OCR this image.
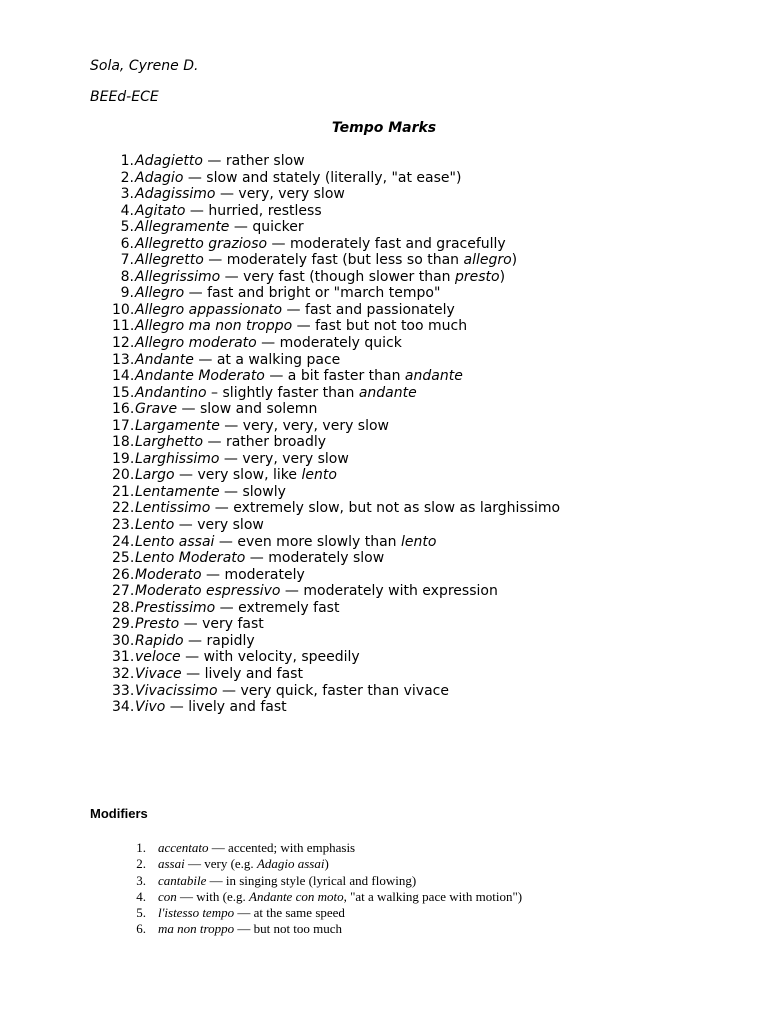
Sola, Cyrene D.
BEEd-ECE
Tempo Marks
1. Adagietto — rather slow
2. Adagio — slow and stately (literally, "at ease")
3. Adagissimo — very, very slow
4. Agitato — hurried, restless
5. Allegramente — quicker
6. Allegretto grazioso — moderately fast and gracefully
7. Allegretto — moderately fast (but less so than allegro)
8. Allegrissimo — very fast (though slower than presto)
9. Allegro — fast and bright or "march tempo"
10. Allegro appassionato — fast and passionately
11. Allegro ma non troppo — fast but not too much
12. Allegro moderato — moderately quick
13. Andante — at a walking pace
14. Andante Moderato — a bit faster than andante
15. Andantino – slightly faster than andante
16. Grave — slow and solemn
17. Largamente — very, very, very slow
18. Larghetto — rather broadly
19. Larghissimo — very, very slow
20. Largo — very slow, like lento
21. Lentamente — slowly
22. Lentissimo — extremely slow, but not as slow as larghissimo
23. Lento — very slow
24. Lento assai — even more slowly than lento
25. Lento Moderato — moderately slow
26. Moderato — moderately
27. Moderato espressivo — moderately with expression
28. Prestissimo — extremely fast
29. Presto — very fast
30. Rapido — rapidly
31. veloce — with velocity, speedily
32. Vivace — lively and fast
33. Vivacissimo — very quick, faster than vivace
34. Vivo — lively and fast
Modifiers
1. accentato — accented; with emphasis
2. assai — very (e.g. Adagio assai)
3. cantabile — in singing style (lyrical and flowing)
4. con — with (e.g. Andante con moto, "at a walking pace with motion")
5. l'istesso tempo — at the same speed
6. ma non troppo — but not too much
